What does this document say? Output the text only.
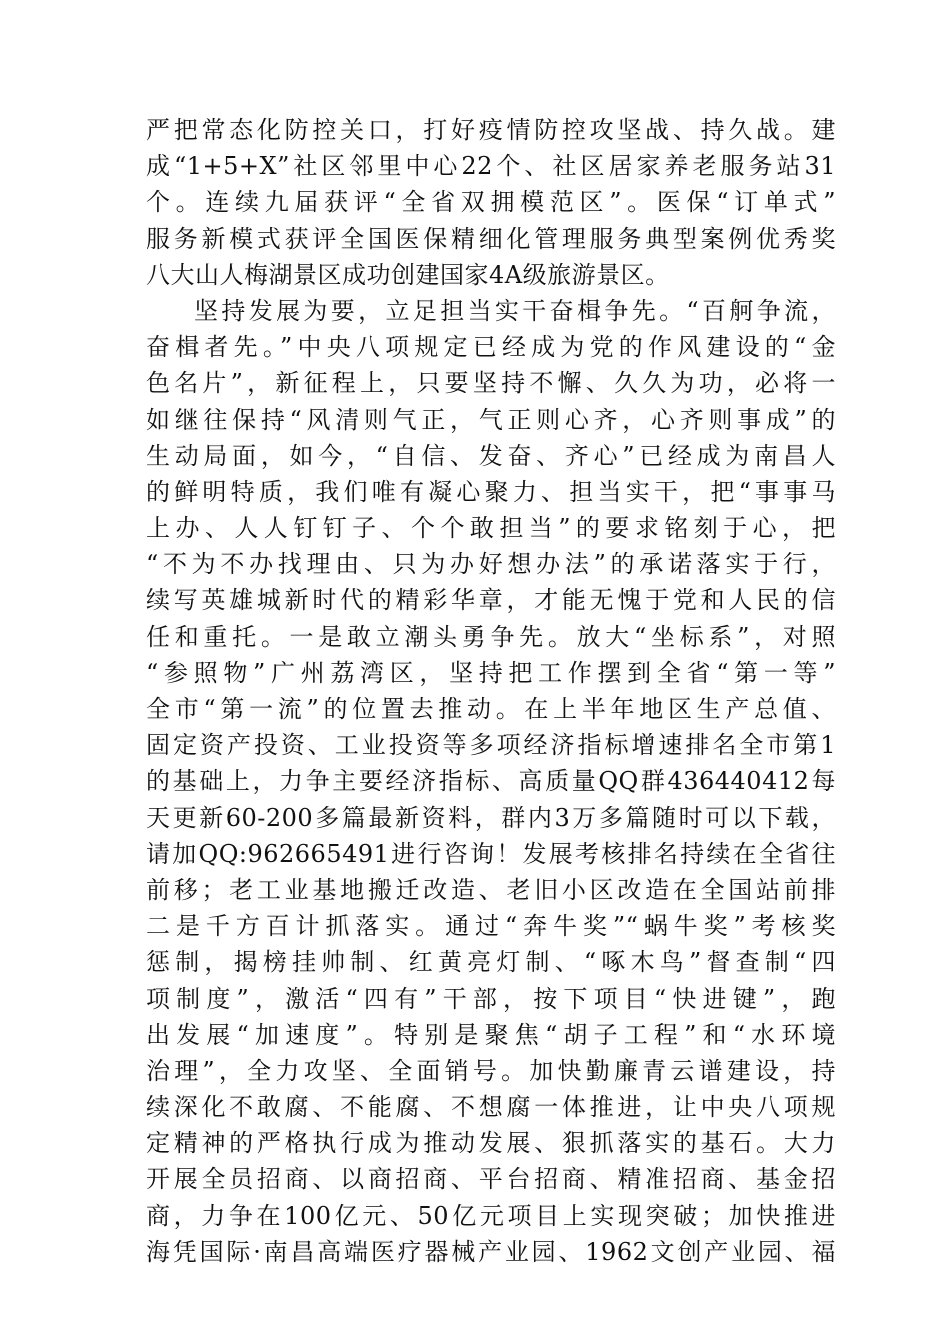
严把常态化防控关口，打好疫情防控攻坚战、持久战。建
成“1+5+X”社区邻里中心22个、社区居家养老服务站31
个。连续九届获评“全省双拥模范区”。医保“订单式”
服务新模式获评全国医保精细化管理服务典型案例优秀奖
八大山人梅湖景区成功创建国家4A级旅游景区。
坚持发展为要，立足担当实干奋楫争先。“百舸争流，
奋楫者先。”中央八项规定已经成为党的作风建设的“金
色名片”，新征程上，只要坚持不懈、久久为功，必将一
如继往保持“风清则气正，气正则心齐，心齐则事成”的
生动局面，如今，“自信、发奋、齐心”已经成为南昌人
的鲜明特质，我们唯有凝心聚力、担当实干，把“事事马
上办、人人钉钉子、个个敢担当”的要求铭刻于心，把
“不为不办找理由、只为办好想办法”的承诺落实于行，
续写英雄城新时代的精彩华章，才能无愧于党和人民的信
任和重托。一是敢立潮头勇争先。放大“坐标系”，对照
“参照物”广州荔湾区，坚持把工作摆到全省“第一等”
全市“第一流”的位置去推动。在上半年地区生产总值、
固定资产投资、工业投资等多项经济指标增速排名全市第1
的基础上，力争主要经济指标、高质量QQ群436440412每
天更新60-200多篇最新资料，群内3万多篇随时可以下载，
请加QQ:962665491进行咨询！发展考核排名持续在全省往
前移；老工业基地搬迁改造、老旧小区改造在全国站前排
二是千方百计抓落实。通过“奔牛奖”“蜗牛奖”考核奖
惩制，揭榜挂帅制、红黄亮灯制、“啄木鸟”督查制“四
项制度”，激活“四有”干部，按下项目“快进键”，跑
出发展“加速度”。特别是聚焦“胡子工程”和“水环境
治理”，全力攻坚、全面销号。加快勤廉青云谱建设，持
续深化不敢腐、不能腐、不想腐一体推进，让中央八项规
定精神的严格执行成为推动发展、狠抓落实的基石。大力
开展全员招商、以商招商、平台招商、精准招商、基金招
商，力争在100亿元、50亿元项目上实现突破；加快推进
海凭国际·南昌高端医疗器械产业园、1962文创产业园、福
